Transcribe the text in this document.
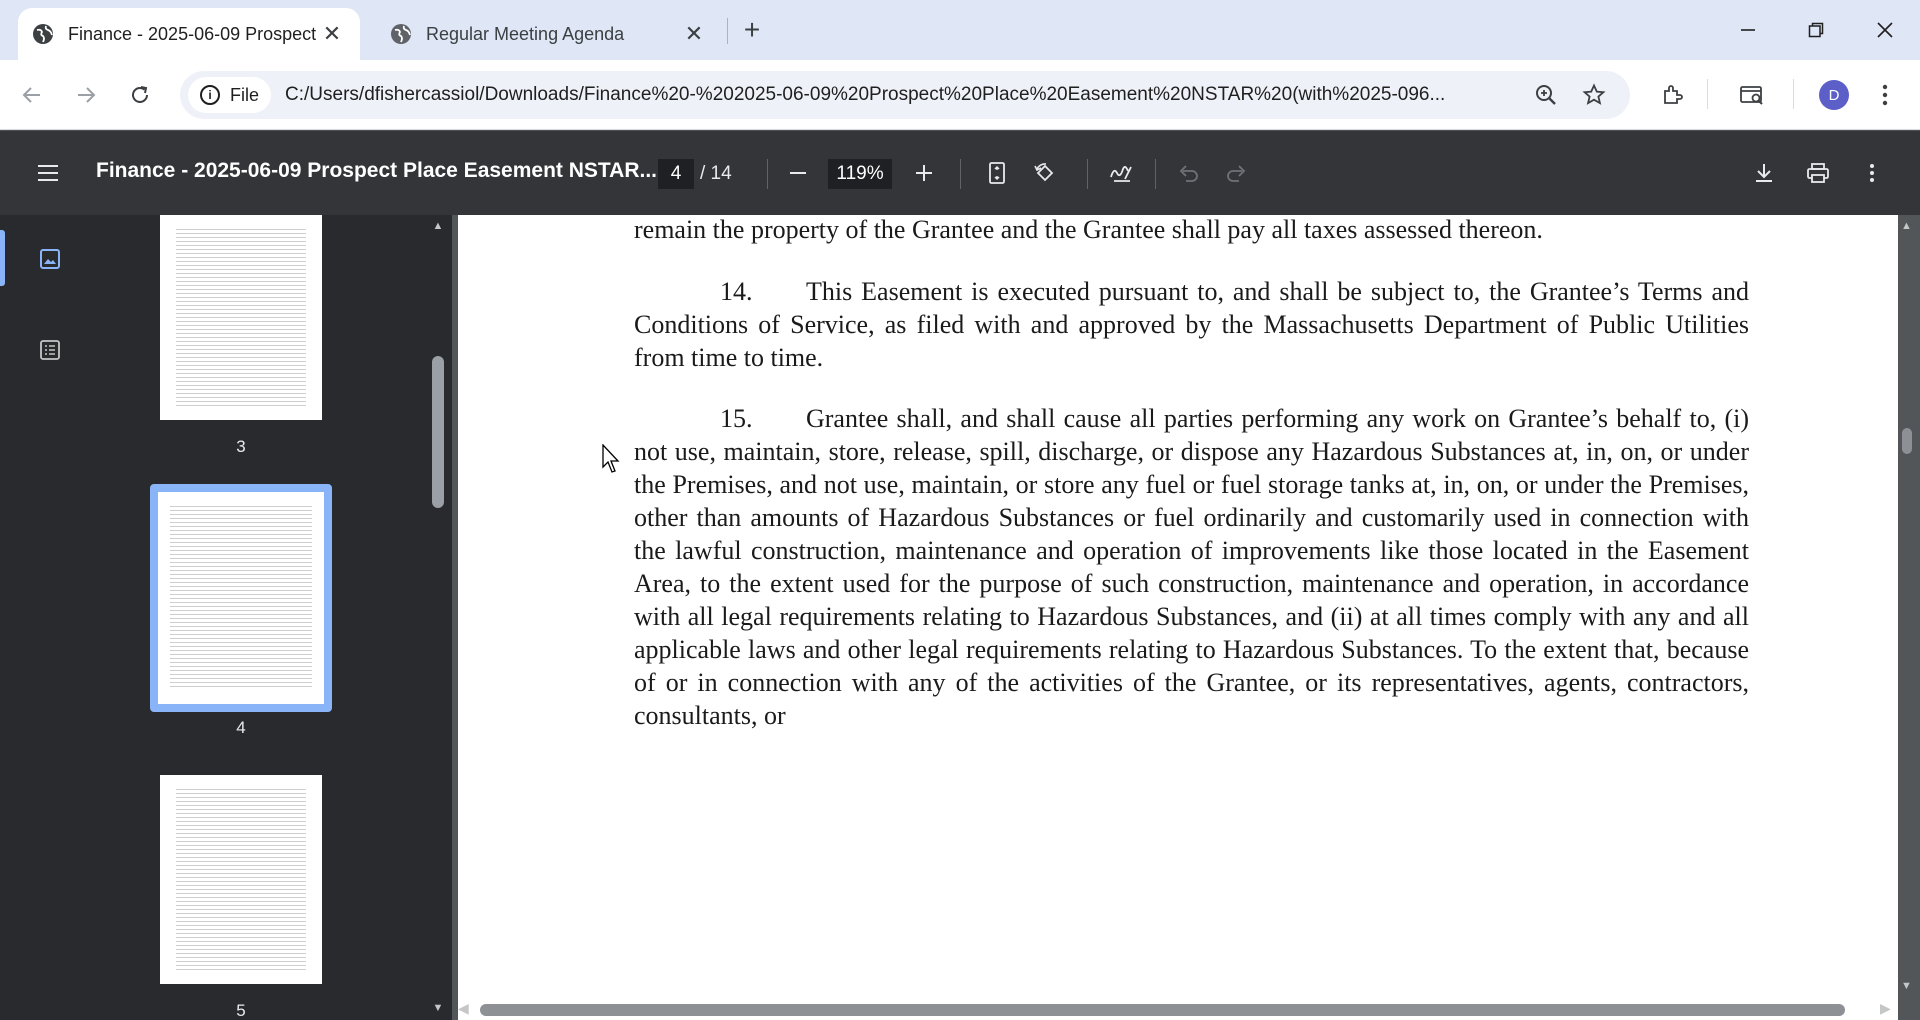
Finance - 2025-06-09 Prospect ✕	Regular Meeting Agenda	✕ +
i	File C:/Users/dfishercassiol/Downloads/Finance%20-%202025-06-09%20Prospect%20Place%20Easement%20NSTAR%20(with%2025-096...	D
Finance - 2025-06-09 Prospect Place Easement NSTAR... 4 / 14	119%
3
4
5
▲
▼
remain the property of the Grantee and the Grantee shall pay all taxes assessed thereon.
14. This Easement is executed pursuant to, and shall be subject to, the Grantee’s Terms and Conditions of Service, as filed with and approved by the Massachusetts Department of Public Utilities from time to time.
15. Grantee shall, and shall cause all parties performing any work on Grantee’s behalf to, (i) not use, maintain, store, release, spill, discharge, or dispose any Hazardous Substances at, in, on, or under the Premises, and not use, maintain, or store any fuel or fuel storage tanks at, in, on, or under the Premises, other than amounts of Hazardous Substances or fuel ordinarily and customarily used in connection with the lawful construction, maintenance and operation of improvements like those located in the Easement Area, to the extent used for the purpose of such construction, maintenance and operation, in accordance with all legal requirements relating to Hazardous Substances, and (ii) at all times comply with any and all applicable laws and other legal requirements relating to Hazardous Substances. To the extent that, because of or in connection with any of the activities of the Grantee, or its representatives, agents, contractors, consultants, or
▲
▼
◀	▶
